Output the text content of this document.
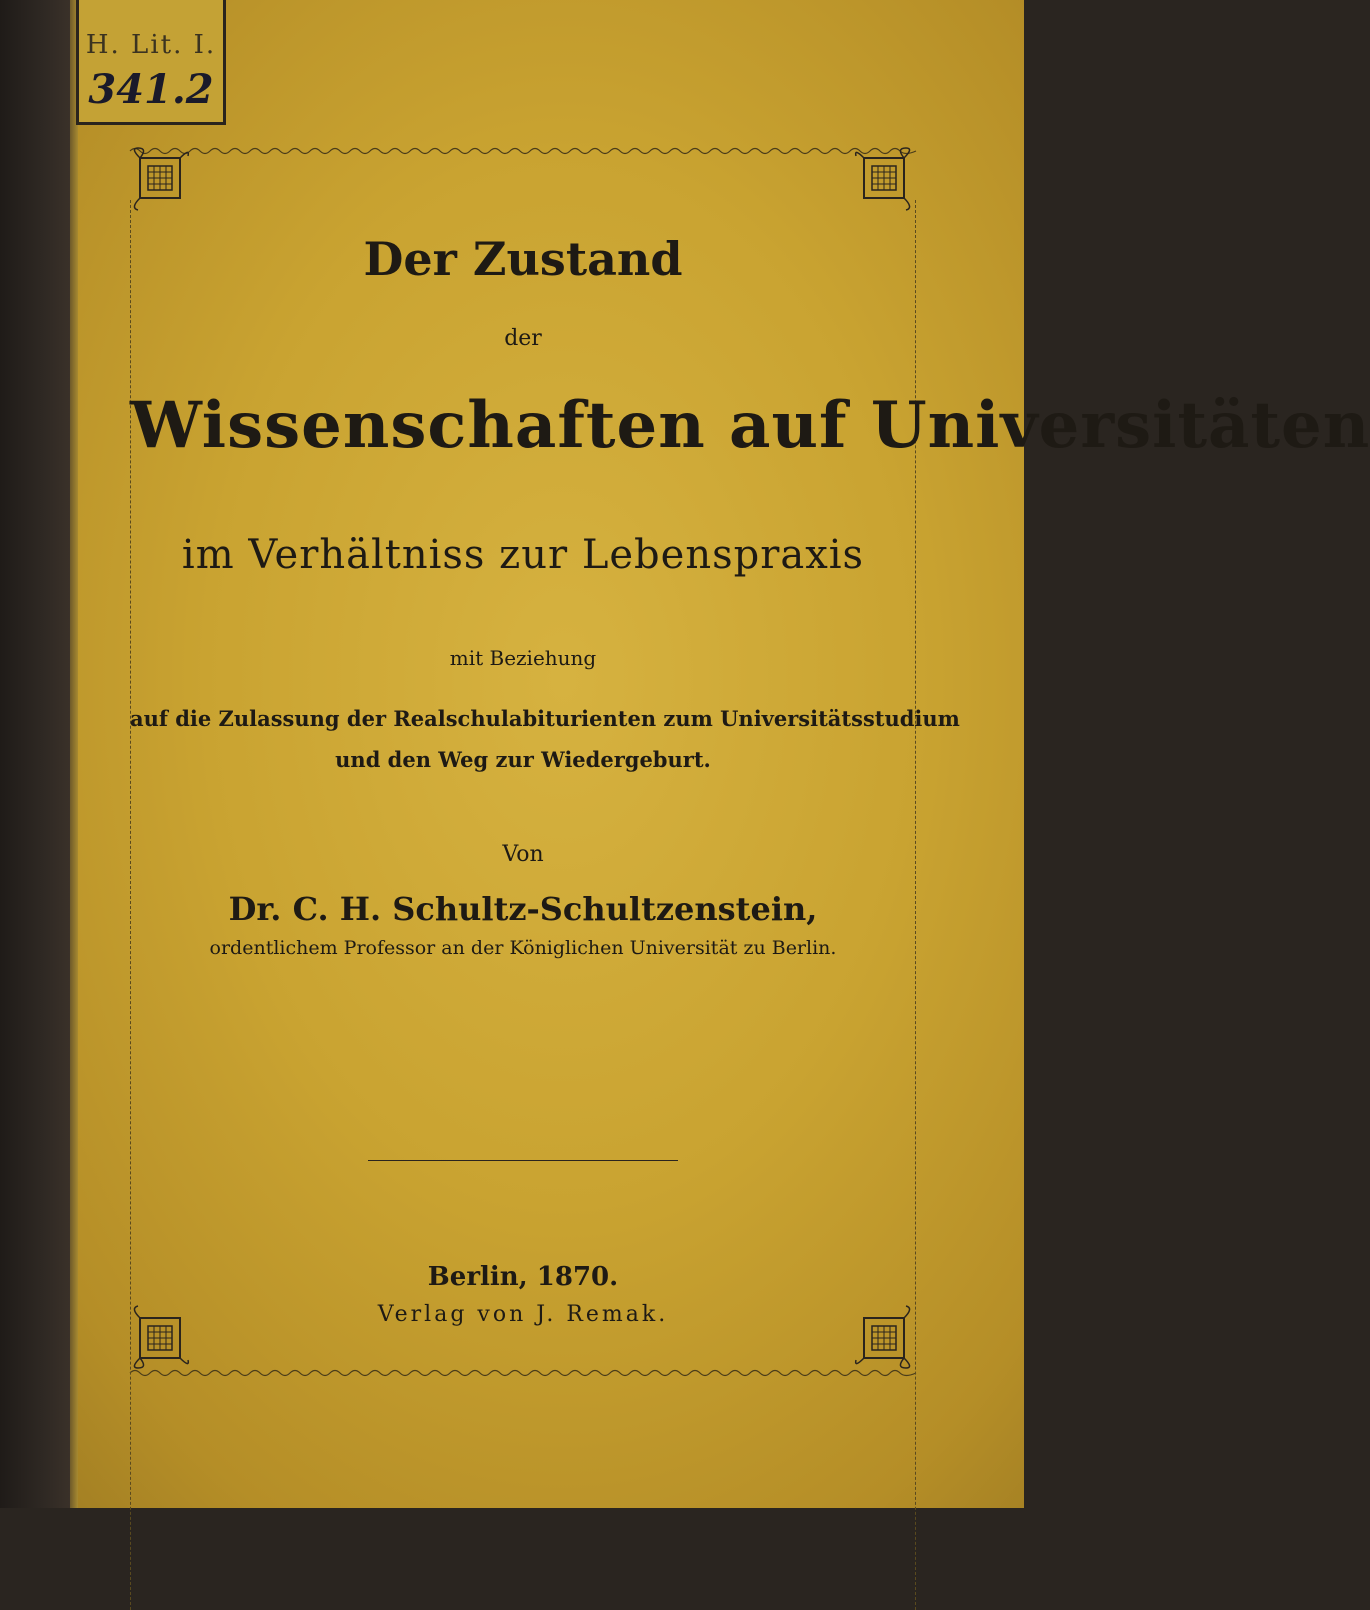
H. Lit. I.
341.2
Der Zustand
der
Wissenschaften auf Universitäten
im Verhältniss zur Lebenspraxis
mit Beziehung
auf die Zulassung der Realschulabiturienten zum Universitätsstudium
und den Weg zur Wiedergeburt.
Von
Dr. C. H. Schultz-Schultzenstein,
ordentlichem Professor an der Königlichen Universität zu Berlin.
Berlin, 1870.
Verlag von J. Remak.
